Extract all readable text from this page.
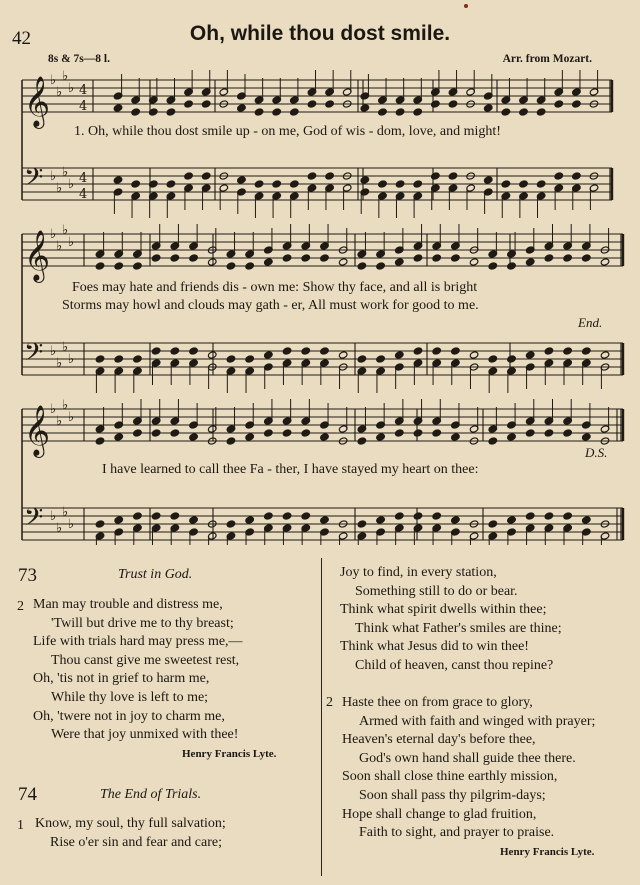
42	Oh, while thou dost smile.
8s & 7s—8 l.	Arr. from Mozart.
𝄞 ♭
♭
♭
♭
𝄢 ♭
♭
♭
♭
4
4
4
4
𝄞 ♭
♭
♭
♭
𝄢 ♭
♭
♭
♭
𝄞 ♭
♭
♭
♭
𝄢 ♭
♭
♭
♭
1. Oh, while thou dost smile up - on me, God of wis - dom, love, and might!
Foes may hate and friends dis - own me: Show thy face, and all is bright
Storms may howl and clouds may gath - er, All must work for good to me.
End.
I have learned to call thee Fa - ther, I have stayed my heart on thee:
D.S.
73	Trust in God.
2 Man may trouble and distress me,
'Twill but drive me to thy breast;
Life with trials hard may press me,—
Thou canst give me sweetest rest,
Oh, 'tis not in grief to harm me,
While thy love is left to me;
Oh, 'twere not in joy to charm me,
Were that joy unmixed with thee!
Henry Francis Lyte.
74	The End of Trials.
1 Know, my soul, thy full salvation;
Rise o'er sin and fear and care;
Joy to find, in every station,
Something still to do or bear.
Think what spirit dwells within thee;
Think what Father's smiles are thine;
Think what Jesus did to win thee!
Child of heaven, canst thou repine?
2 Haste thee on from grace to glory,
Armed with faith and winged with prayer;
Heaven's eternal day's before thee,
God's own hand shall guide thee there.
Soon shall close thine earthly mission,
Soon shall pass thy pilgrim-days;
Hope shall change to glad fruition,
Faith to sight, and prayer to praise.
Henry Francis Lyte.
